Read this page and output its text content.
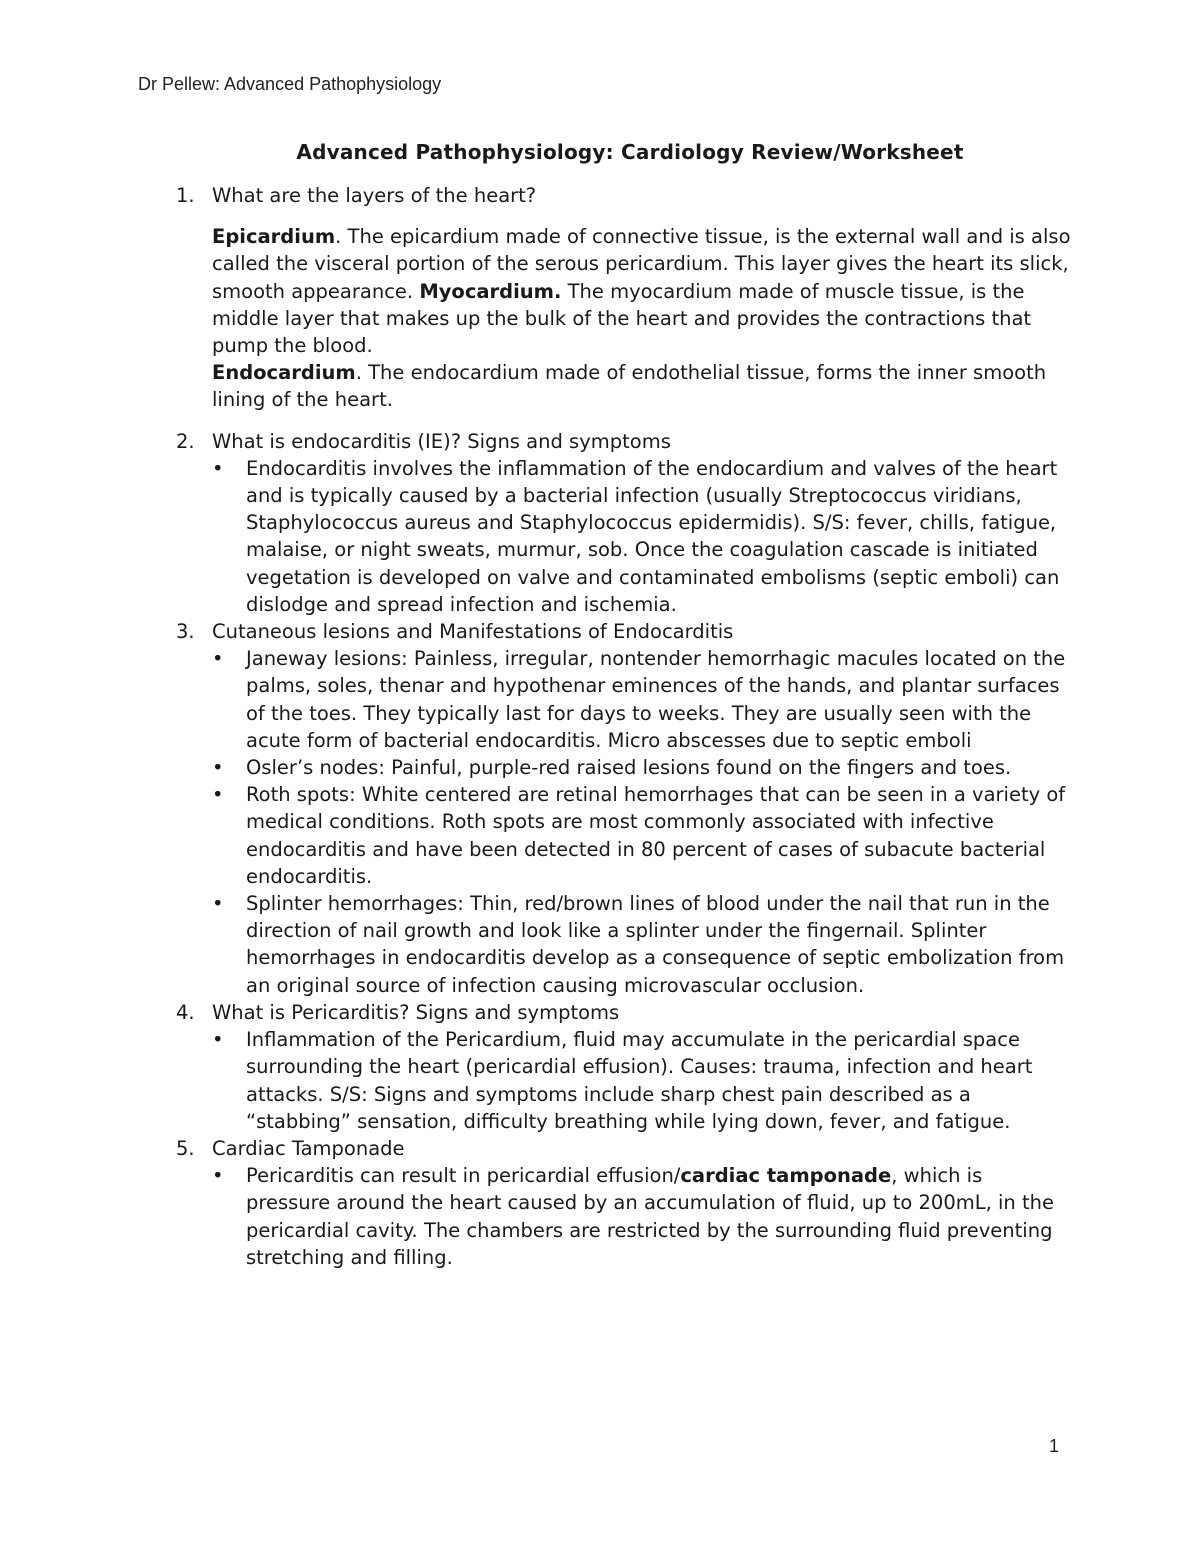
Dr Pellew: Advanced Pathophysiology
Advanced Pathophysiology: Cardiology Review/Worksheet
1. What are the layers of the heart?

Epicardium. The epicardium made of connective tissue, is the external wall and is also called the visceral portion of the serous pericardium. This layer gives the heart its slick, smooth appearance. Myocardium. The myocardium made of muscle tissue, is the middle layer that makes up the bulk of the heart and provides the contractions that pump the blood.

Endocardium. The endocardium made of endothelial tissue, forms the inner smooth lining of the heart.

2. What is endocarditis (IE)? Signs and symptoms
• Endocarditis involves the inflammation of the endocardium and valves of the heart and is typically caused by a bacterial infection (usually Streptococcus viridians, Staphylococcus aureus and Staphylococcus epidermidis). S/S: fever, chills, fatigue, malaise, or night sweats, murmur, sob. Once the coagulation cascade is initiated vegetation is developed on valve and contaminated embolisms (septic emboli) can dislodge and spread infection and ischemia.
3. Cutaneous lesions and Manifestations of Endocarditis
• Janeway lesions: Painless, irregular, nontender hemorrhagic macules located on the palms, soles, thenar and hypothenar eminences of the hands, and plantar surfaces of the toes. They typically last for days to weeks. They are usually seen with the acute form of bacterial endocarditis. Micro abscesses due to septic emboli
• Osler’s nodes: Painful, purple-red raised lesions found on the fingers and toes.
• Roth spots: White centered are retinal hemorrhages that can be seen in a variety of medical conditions. Roth spots are most commonly associated with infective endocarditis and have been detected in 80 percent of cases of subacute bacterial endocarditis.
• Splinter hemorrhages: Thin, red/brown lines of blood under the nail that run in the direction of nail growth and look like a splinter under the fingernail. Splinter hemorrhages in endocarditis develop as a consequence of septic embolization from an original source of infection causing microvascular occlusion.
4. What is Pericarditis? Signs and symptoms
• Inflammation of the Pericardium, fluid may accumulate in the pericardial space surrounding the heart (pericardial effusion). Causes: trauma, infection and heart attacks. S/S: Signs and symptoms include sharp chest pain described as a “stabbing” sensation, difficulty breathing while lying down, fever, and fatigue.
5. Cardiac Tamponade
• Pericarditis can result in pericardial effusion/cardiac tamponade, which is pressure around the heart caused by an accumulation of fluid, up to 200mL, in the pericardial cavity. The chambers are restricted by the surrounding fluid preventing stretching and filling.
1
